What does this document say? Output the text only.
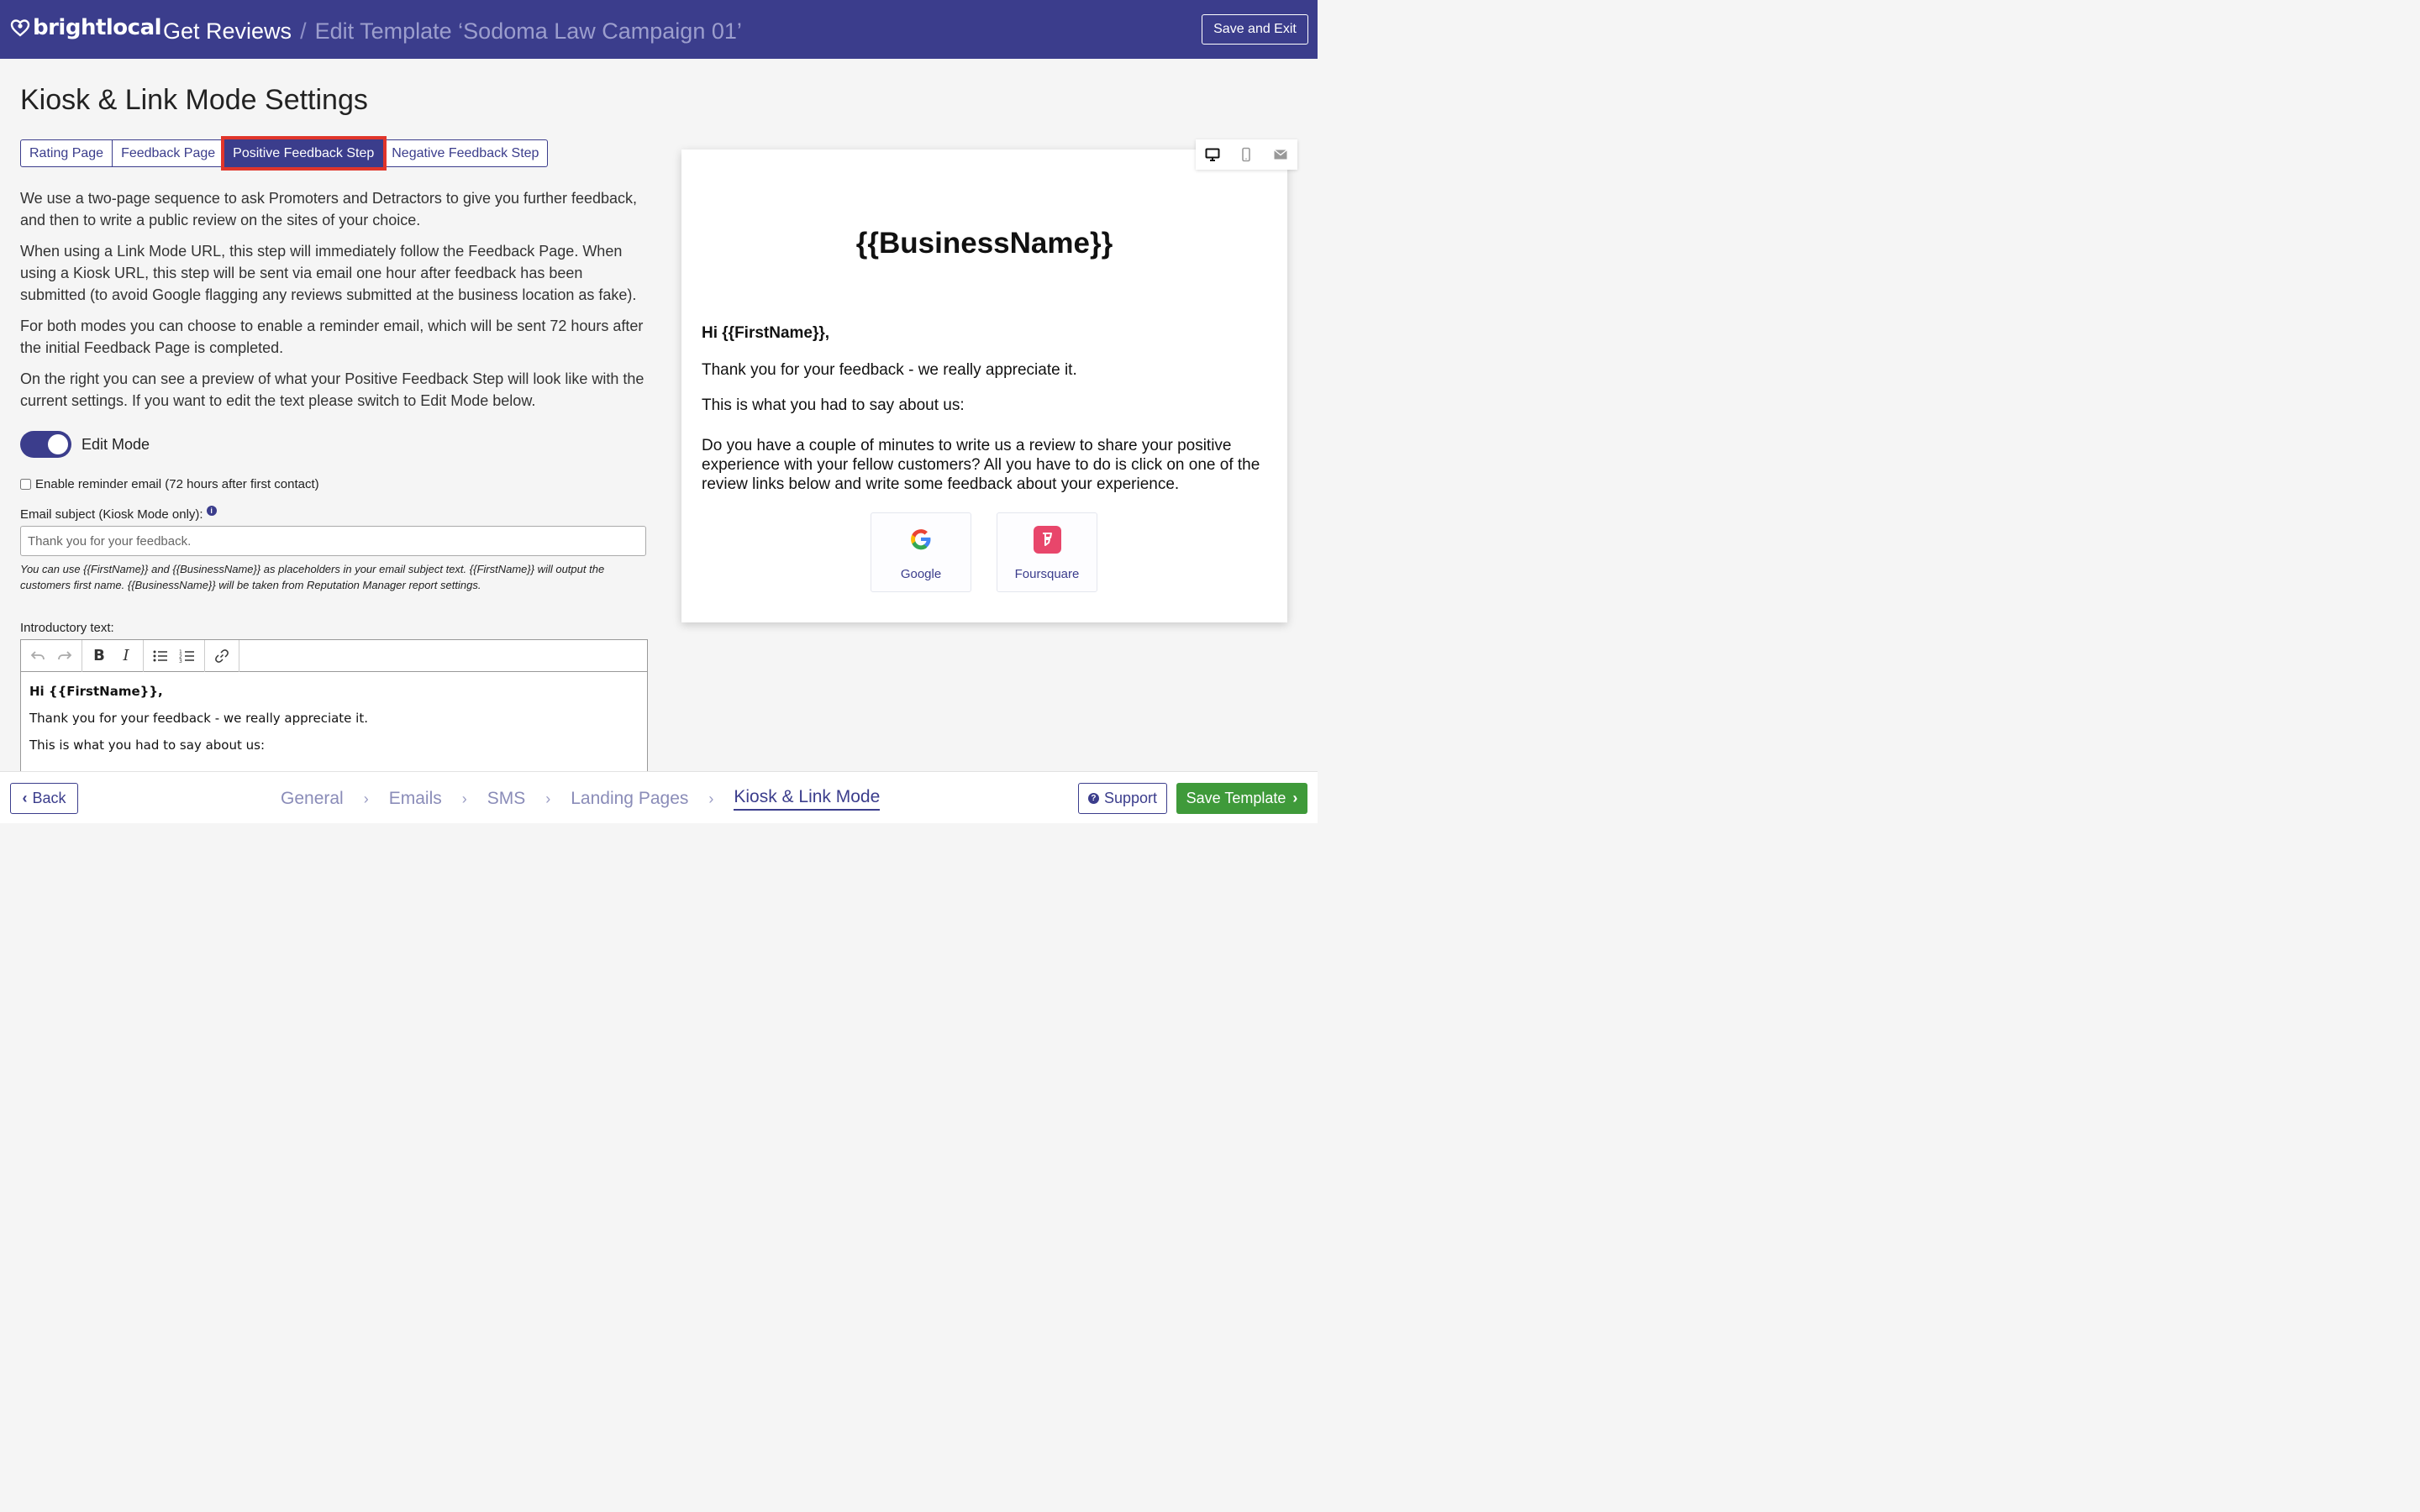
brightlocal Get Reviews / Edit Template ‘Sodoma Law Campaign 01’	Save and Exit
Kiosk & Link Mode Settings
Rating Page	Feedback Page	Positive Feedback Step	Negative Feedback Step

We use a two-page sequence to ask Promoters and Detractors to give you further feedback, and then to write a public review on the sites of your choice.

When using a Link Mode URL, this step will immediately follow the Feedback Page. When using a Kiosk URL, this step will be sent via email one hour after feedback has been submitted (to avoid Google flagging any reviews submitted at the business location as fake).

For both modes you can choose to enable a reminder email, which will be sent 72 hours after the initial Feedback Page is completed.

On the right you can see a preview of what your Positive Feedback Step will look like with the current settings. If you want to edit the text please switch to Edit Mode below.

Edit Mode
Enable reminder email (72 hours after first contact)
Email subject (Kiosk Mode only): i
Thank you for your feedback.
You can use {{FirstName}} and {{BusinessName}} as placeholders in your email subject text. {{FirstName}} will output the customers first name. {{BusinessName}} will be taken from Reputation Manager report settings.
Introductory text:
B	I	1
2
3

Hi {{FirstName}},

Thank you for your feedback - we really appreciate it.

This is what you had to say about us:

{{BusinessName}}
Hi {{FirstName}},
Thank you for your feedback - we really appreciate it.
This is what you had to say about us:
Do you have a couple of minutes to write us a review to share your positive experience with your fellow customers? All you have to do is click on one of the review links below and write some feedback about your experience.
Google	Foursquare
‹ Back	General › Emails › SMS › Landing Pages › Kiosk & Link Mode	? Support Save Template ›
